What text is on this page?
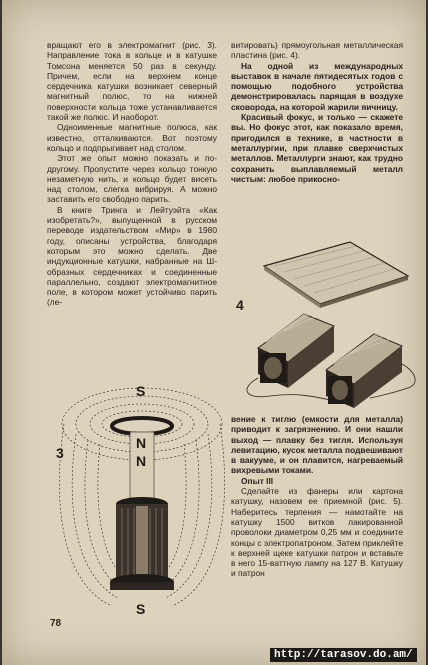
вращают его в электромагнит (рис. 3). Направление тока в кольце и в катушке Томсона меняется 50 раз в секунду. Причем, если на верхнем конце сердечника катушки возникает северный магнитный полюс, то на нижней поверхности кольца тоже устанавливается такой же полюс. И наоборот.

Одноименные магнитные полюса, как известно, отталкиваются. Вот поэтому кольцо и подпрыгивает над столом.

Этот же опыт можно показать и по-другому. Пропустите через кольцо тонкую незаметную нить, и кольцо будет висеть над столом, слегка вибрируя. А можно заставить его свободно парить.

В книге Тринга и Лейтуэйта «Как изобретать?», выпущенной в русском переводе издательством «Мир» в 1980 году, описаны устройства, благодаря которым это можно сделать. Две индукционные катушки, набранные на Ш-образных сердечниках и соединенные параллельно, создают электромагнитное поле, в котором может устойчиво парить (ле-

витировать) прямоугольная металлическая пластина (рис. 4).

На одной из международных выставок в начале пятидесятых годов с помощью подобного устройства демонстрировалась парящая в воздухе сковорода, на которой жарили яичницу.

Красивый фокус, и только — скажете вы. Но фокус этот, как показало время, пригодился в технике, в частности в металлургии, при плавке сверхчистых металлов. Металлурги знают, как трудно сохранить выплавляемый металл чистым: любое прикосно-

4
3
S
N
N
S

вение к тиглю (емкости для металла) приводит к загрязнению. И они нашли выход — плавку без тигля. Используя левитацию, кусок металла подвешивают в вакууме, и он плавится, нагреваемый вихревыми токами.

Опыт III

Сделайте из фанеры или картона катушку, назовем ее приемной (рис. 5). Наберитесь терпения — намотайте на катушку 1500 витков лакированной проволоки диаметром 0,25 мм и соедините концы с электропатроном. Затем приклейте к верхней щеке катушки патрон и вставьте в него 15-ваттную лампу на 127 В. Катушку и патрон

78
http://tarasov.do.am/
